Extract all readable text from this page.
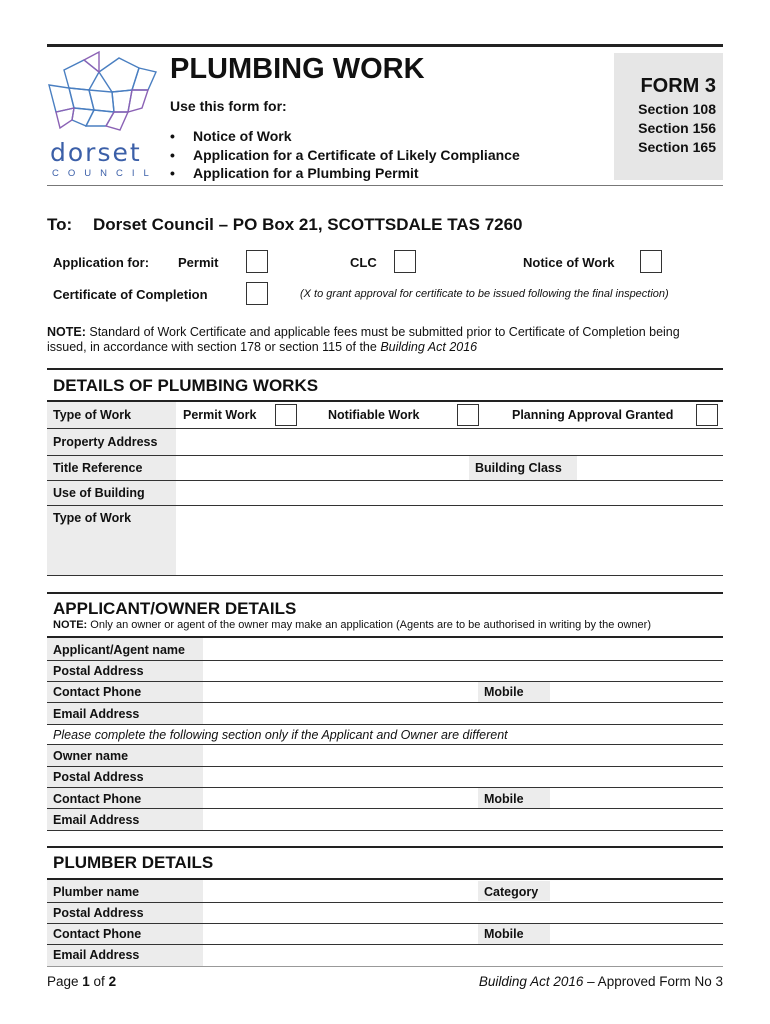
dorset
COUNCIL
PLUMBING WORK
Use this form for:
• Notice of Work
• Application for a Certificate of Likely Compliance
• Application for a Plumbing Permit
FORM 3
Section 108
Section 156
Section 165
To: Dorset Council – PO Box 21, SCOTTSDALE TAS 7260
Application for: Permit	CLC	Notice of Work
Certificate of Completion	(X to grant approval for certificate to be issued following the final inspection)
NOTE: Standard of Work Certificate and applicable fees must be submitted prior to Certificate of Completion being
issued, in accordance with section 178 or section 115 of the Building Act 2016
DETAILS OF PLUMBING WORKS
Type of Work	Permit Work	Notifiable Work	Planning Approval Granted
Property Address
Title Reference	Building Class
Use of Building
Type of Work
APPLICANT/OWNER DETAILS
NOTE: Only an owner or agent of the owner may make an application (Agents are to be authorised in writing by the owner)
Applicant/Agent name
Postal Address
Contact Phone	Mobile
Email Address
Please complete the following section only if the Applicant and Owner are different
Owner name
Postal Address
Contact Phone	Mobile
Email Address
PLUMBER DETAILS
Plumber name	Category
Postal Address
Contact Phone	Mobile
Email Address
Page 1 of 2	Building Act 2016 – Approved Form No 3
